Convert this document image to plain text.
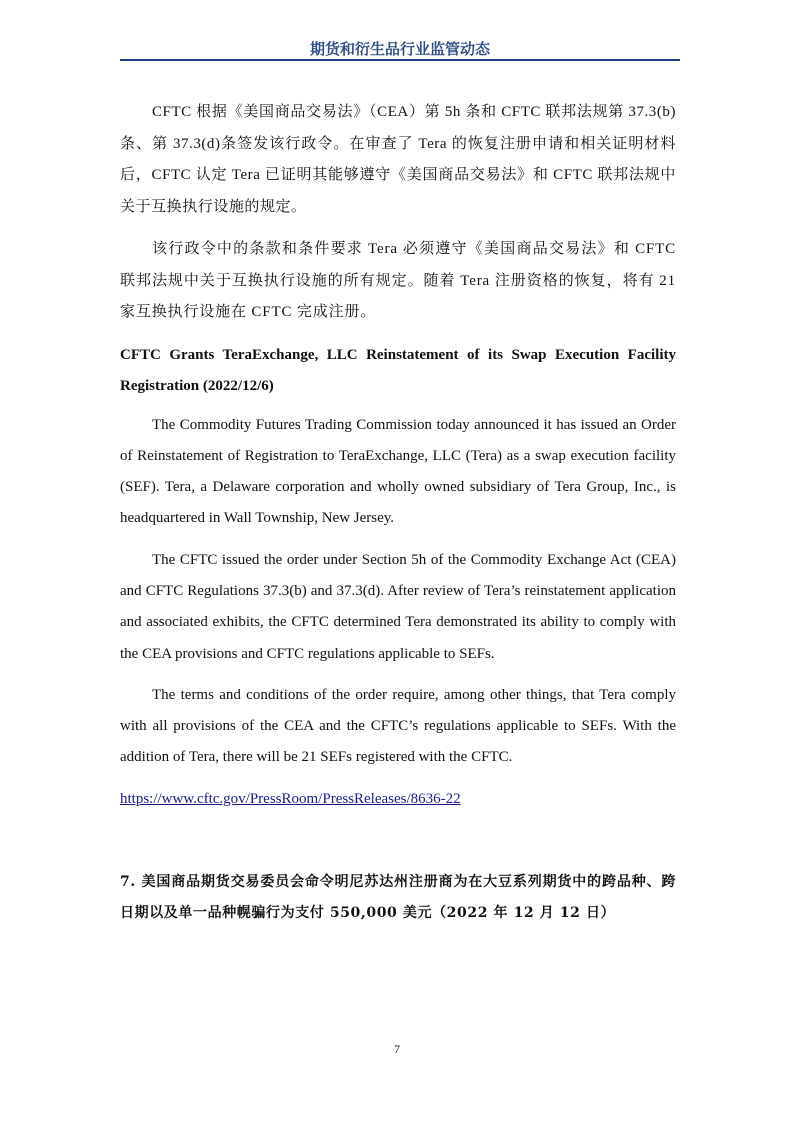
期货和衍生品行业监管动态

CFTC 根据《美国商品交易法》（CEA）第 5h 条和 CFTC 联邦法规第 37.3(b) 条、第 37.3(d)条签发该行政令。在审查了 Tera 的恢复注册申请和相关证明材料后，CFTC 认定 Tera 已证明其能够遵守《美国商品交易法》和 CFTC 联邦法规中关于互换执行设施的规定。

该行政令中的条款和条件要求 Tera 必须遵守《美国商品交易法》和 CFTC 联邦法规中关于互换执行设施的所有规定。随着 Tera 注册资格的恢复，将有 21 家互换执行设施在 CFTC 完成注册。

CFTC Grants TeraExchange, LLC Reinstatement of its Swap Execution Facility Registration (2022/12/6)

The Commodity Futures Trading Commission today announced it has issued an Order of Reinstatement of Registration to TeraExchange, LLC (Tera) as a swap execution facility (SEF). Tera, a Delaware corporation and wholly owned subsidiary of Tera Group, Inc., is headquartered in Wall Township, New Jersey.

The CFTC issued the order under Section 5h of the Commodity Exchange Act (CEA) and CFTC Regulations 37.3(b) and 37.3(d). After review of Tera’s reinstatement application and associated exhibits, the CFTC determined Tera demonstrated its ability to comply with the CEA provisions and CFTC regulations applicable to SEFs.

The terms and conditions of the order require, among other things, that Tera comply with all provisions of the CEA and the CFTC’s regulations applicable to SEFs. With the addition of Tera, there will be 21 SEFs registered with the CFTC.

https://www.cftc.gov/PressRoom/PressReleases/8636-22

7. 美国商品期货交易委员会命令明尼苏达州注册商为在大豆系列期货中的跨品种、跨日期以及单一品种幌骗行为支付 550,000 美元（2022 年 12 月 12 日）

7
